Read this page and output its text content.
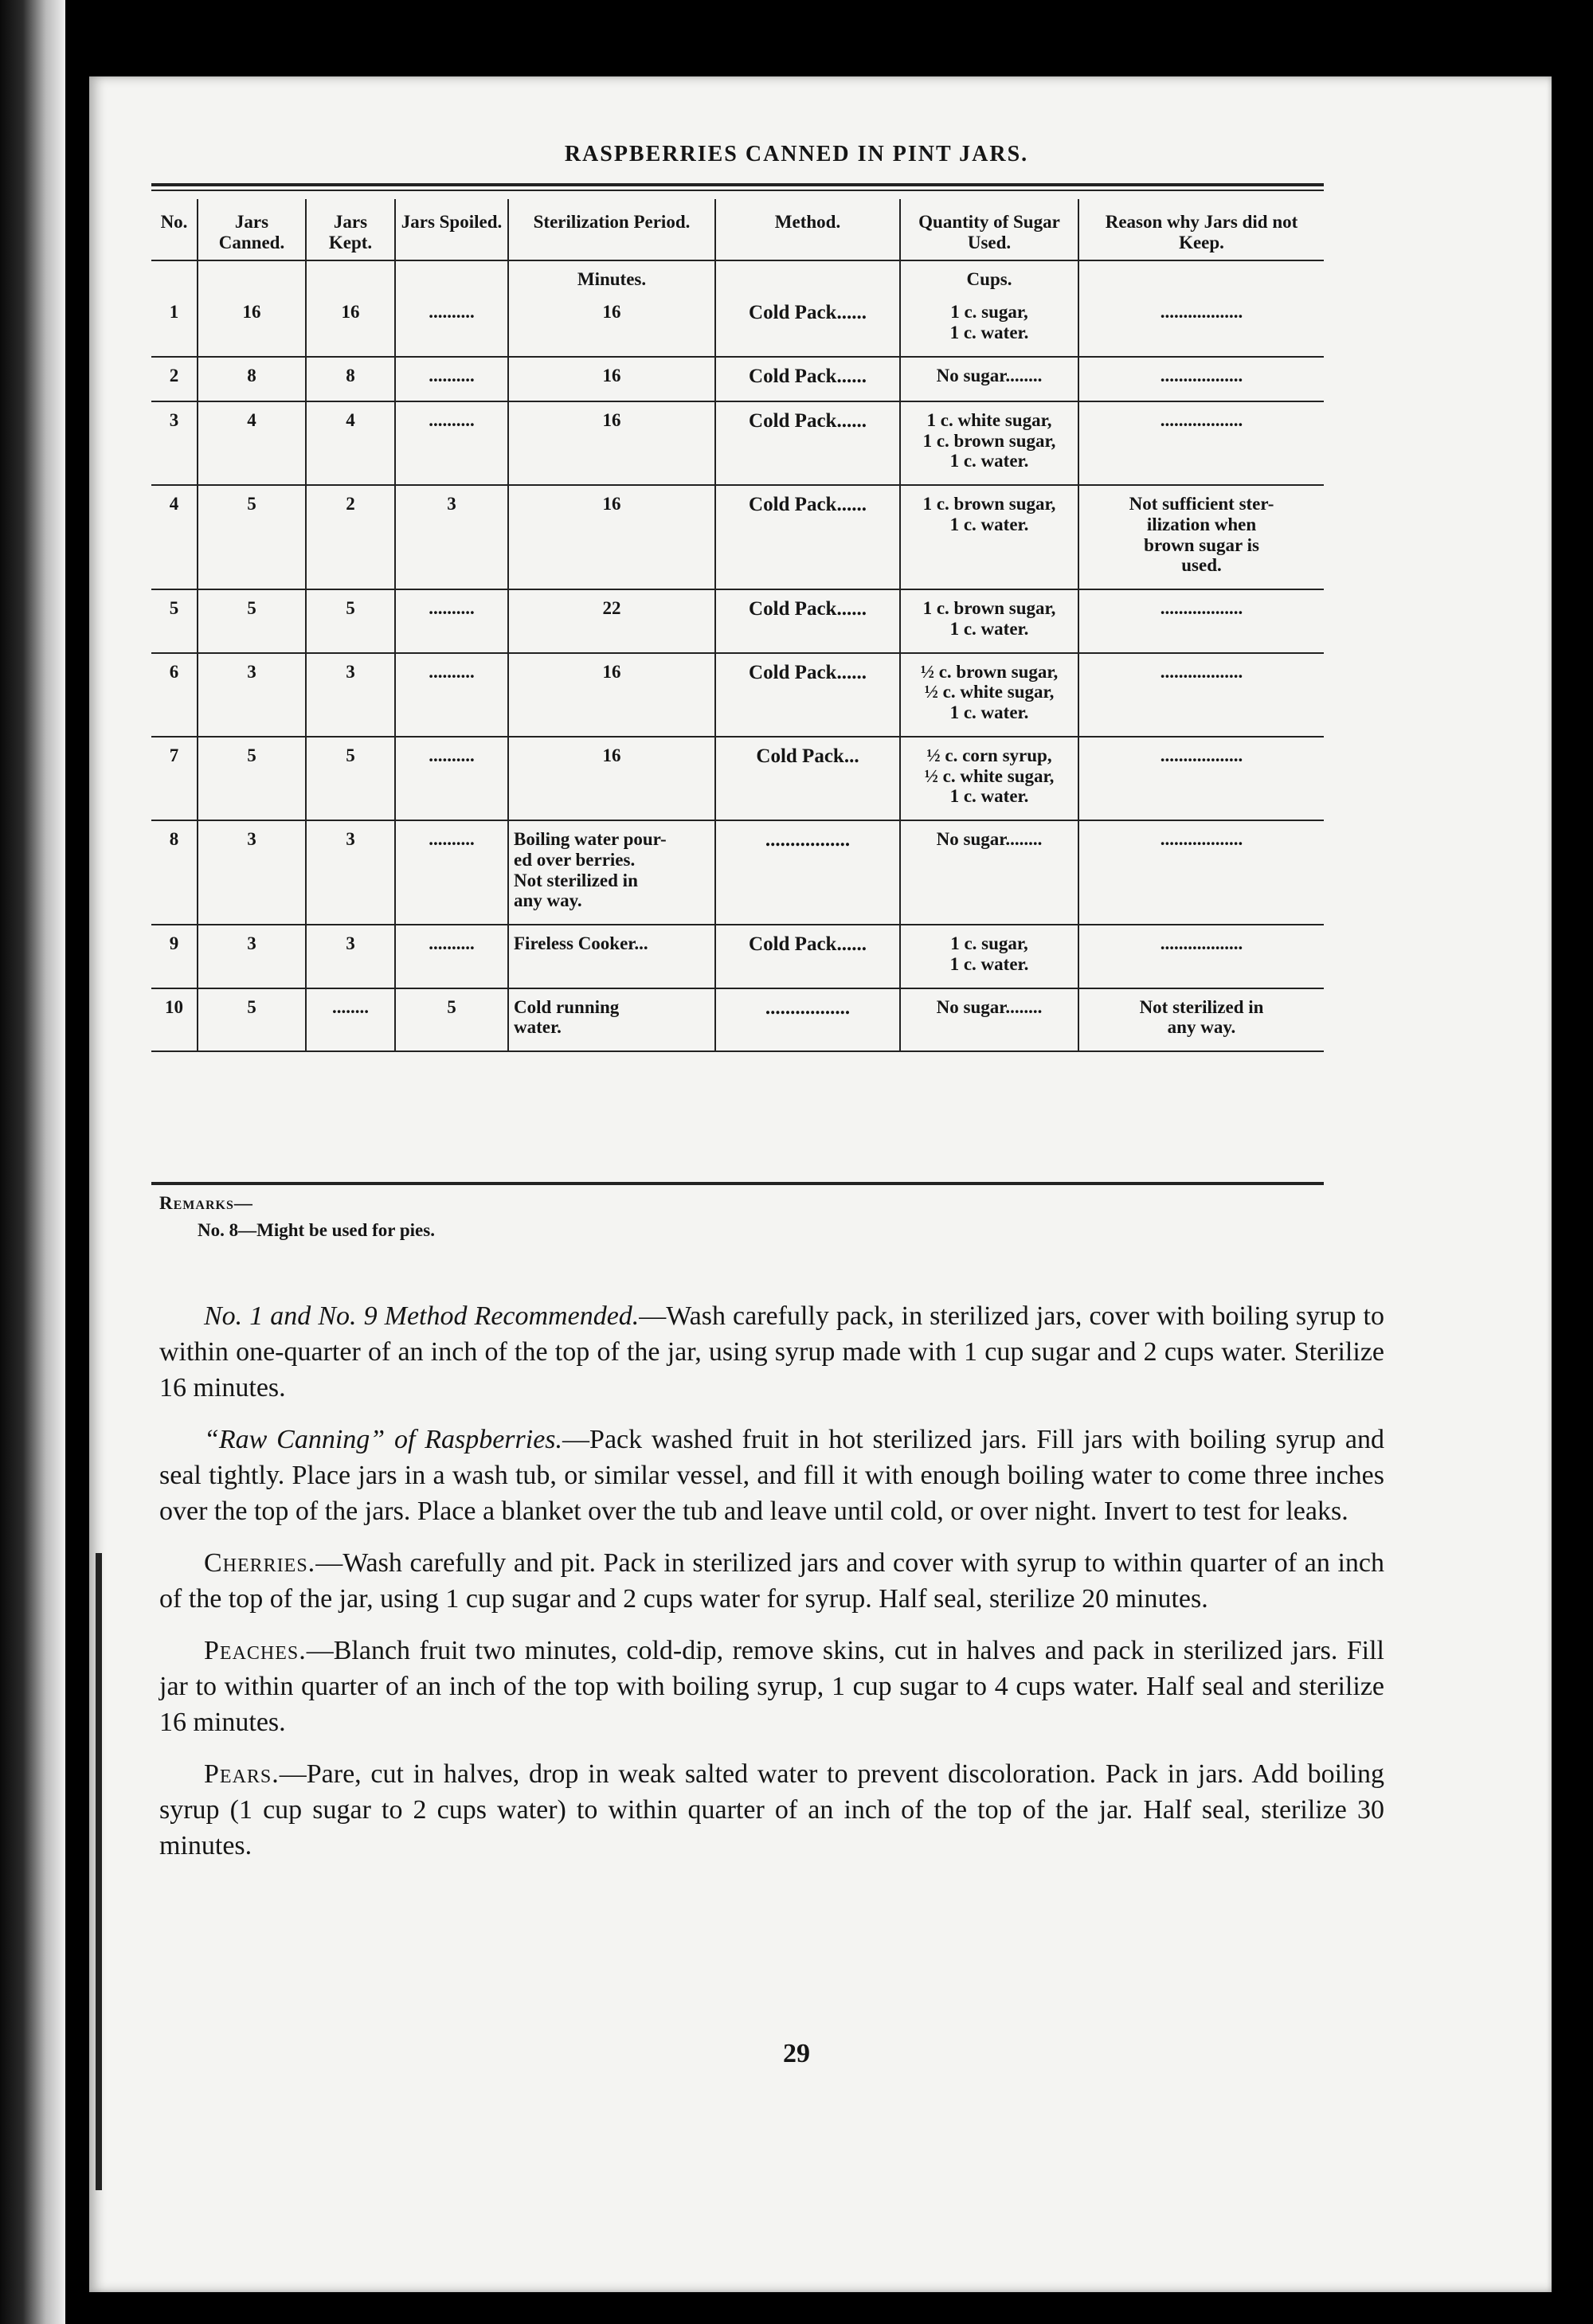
RASPBERRIES CANNED IN PINT JARS.
No.	Jars Canned.	Jars Kept.	Jars Spoiled.	Sterilization Period.	Method.	Quantity of Sugar Used.	Reason why Jars did not Keep.
				Minutes.		Cups.	
1	16	16	..........	16	Cold Pack......	1 c. sugar,
1 c. water.	..................
2	8	8	..........	16	Cold Pack......	No sugar........	..................
3	4	4	..........	16	Cold Pack......	1 c. white sugar,
1 c. brown sugar,
1 c. water.	..................
4	5	2	3	16	Cold Pack......	1 c. brown sugar,
1 c. water.	Not sufficient ster-
ilization when
brown sugar is
used.
5	5	5	..........	22	Cold Pack......	1 c. brown sugar,
1 c. water.	..................
6	3	3	..........	16	Cold Pack......	½ c. brown sugar,
½ c. white sugar,
1 c. water.	..................
7	5	5	..........	16	Cold Pack...	½ c. corn syrup,
½ c. white sugar,
1 c. water.	..................
8	3	3	..........	Boiling water pour-
ed over berries.
Not sterilized in
any way.	.................	No sugar........	..................
9	3	3	..........	Fireless Cooker...	Cold Pack......	1 c. sugar,
1 c. water.	..................
10	5	........	5	Cold running
water.	.................	No sugar........	Not sterilized in
any way.
Remarks—
No. 8—Might be used for pies.

No. 1 and No. 9 Method Recommended.—Wash carefully pack, in sterilized jars, cover with boiling syrup to within one-quarter of an inch of the top of the jar, using syrup made with 1 cup sugar and 2 cups water. Sterilize 16 minutes.

“Raw Canning” of Raspberries.—Pack washed fruit in hot sterilized jars. Fill jars with boiling syrup and seal tightly. Place jars in a wash tub, or similar vessel, and fill it with enough boiling water to come three inches over the top of the jars. Place a blanket over the tub and leave until cold, or over night. Invert to test for leaks.

Cherries.—Wash carefully and pit. Pack in sterilized jars and cover with syrup to within quarter of an inch of the top of the jar, using 1 cup sugar and 2 cups water for syrup. Half seal, sterilize 20 minutes.

Peaches.—Blanch fruit two minutes, cold-dip, remove skins, cut in halves and pack in sterilized jars. Fill jar to within quarter of an inch of the top with boiling syrup, 1 cup sugar to 4 cups water. Half seal and sterilize 16 minutes.

Pears.—Pare, cut in halves, drop in weak salted water to prevent discoloration. Pack in jars. Add boiling syrup (1 cup sugar to 2 cups water) to within quarter of an inch of the top of the jar. Half seal, sterilize 30 minutes.

29
